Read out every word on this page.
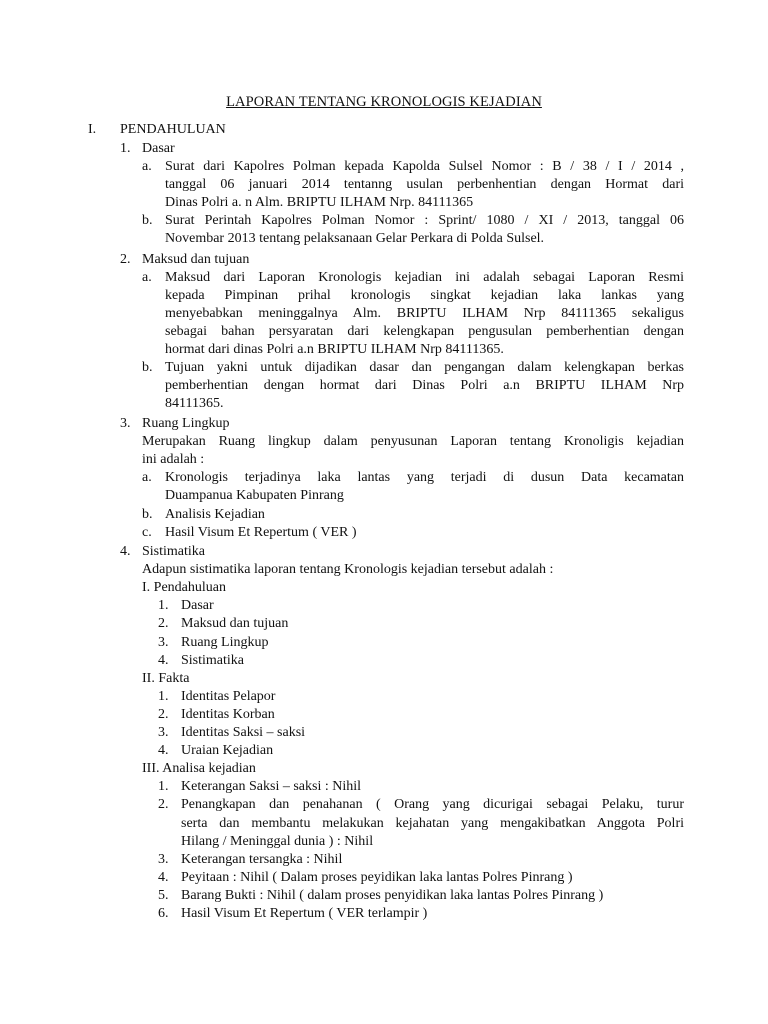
LAPORAN TENTANG KRONOLOGIS KEJADIAN
I. PENDAHULUAN
1. Dasar
a. Surat dari Kapolres Polman kepada Kapolda Sulsel Nomor : B / 38 / I / 2014 ,
tanggal 06 januari 2014 tentanng usulan perbenhentian dengan Hormat dari
Dinas Polri a. n Alm. BRIPTU ILHAM Nrp. 84111365
b. Surat Perintah Kapolres Polman Nomor : Sprint/ 1080 / XI / 2013, tanggal 06
Novembar 2013 tentang pelaksanaan Gelar Perkara di Polda Sulsel.
2. Maksud dan tujuan
a. Maksud dari Laporan Kronologis kejadian ini adalah sebagai Laporan Resmi
kepada Pimpinan prihal kronologis singkat kejadian laka lankas yang
menyebabkan meninggalnya Alm. BRIPTU ILHAM Nrp 84111365 sekaligus
sebagai bahan persyaratan dari kelengkapan pengusulan pemberhentian dengan
hormat dari dinas Polri a.n BRIPTU ILHAM Nrp 84111365.
b. Tujuan yakni untuk dijadikan dasar dan pengangan dalam kelengkapan berkas
pemberhentian dengan hormat dari Dinas Polri a.n BRIPTU ILHAM Nrp
84111365.
3. Ruang Lingkup
Merupakan Ruang lingkup dalam penyusunan Laporan tentang Kronoligis kejadian
ini adalah :
a. Kronologis terjadinya laka lantas yang terjadi di dusun Data kecamatan
Duampanua Kabupaten Pinrang
b. Analisis Kejadian
c. Hasil Visum Et Repertum ( VER )
4. Sistimatika
Adapun sistimatika laporan tentang Kronologis kejadian tersebut adalah :
I. Pendahuluan
1. Dasar
2. Maksud dan tujuan
3. Ruang Lingkup
4. Sistimatika
II. Fakta
1. Identitas Pelapor
2. Identitas Korban
3. Identitas Saksi – saksi
4. Uraian Kejadian
III. Analisa kejadian
1. Keterangan Saksi – saksi : Nihil
2. Penangkapan dan penahanan ( Orang yang dicurigai sebagai Pelaku, turur
serta dan membantu melakukan kejahatan yang mengakibatkan Anggota Polri
Hilang / Meninggal dunia ) : Nihil
3. Keterangan tersangka : Nihil
4. Peyitaan : Nihil ( Dalam proses peyidikan laka lantas Polres Pinrang )
5. Barang Bukti : Nihil ( dalam proses penyidikan laka lantas Polres Pinrang )
6. Hasil Visum Et Repertum ( VER terlampir )
